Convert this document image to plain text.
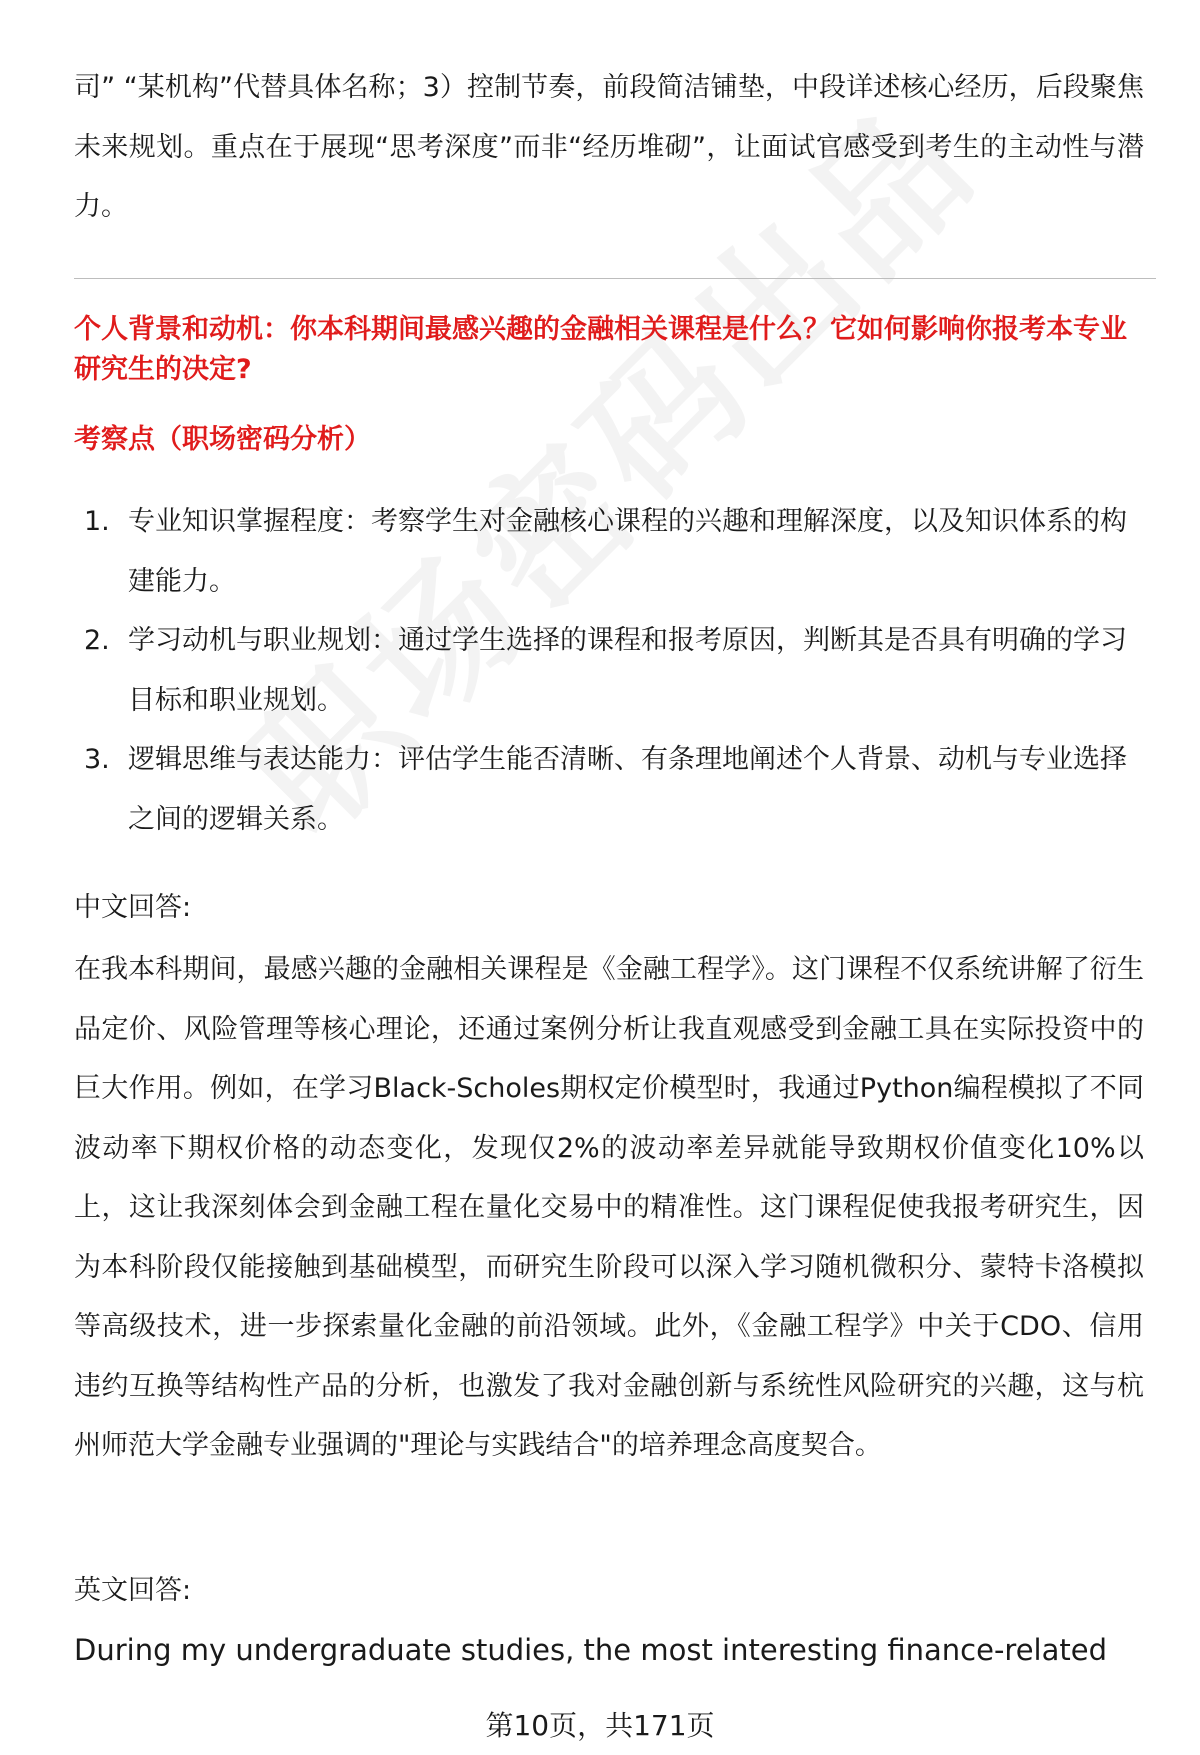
司” “某机构”代替具体名称；3）控制节奏，前段简洁铺垫，中段详述核心经历，后段聚焦未来规划。重点在于展现“思考深度”而非“经历堆砌”，让面试官感受到考生的主动性与潜力。

个人背景和动机：你本科期间最感兴趣的金融相关课程是什么？它如何影响你报考本专业研究生的决定?
考察点（职场密码分析）
1. 专业知识掌握程度：考察学生对金融核心课程的兴趣和理解深度，以及知识体系的构建能力。
2. 学习动机与职业规划：通过学生选择的课程和报考原因，判断其是否具有明确的学习目标和职业规划。
3. 逻辑思维与表达能力：评估学生能否清晰、有条理地阐述个人背景、动机与专业选择之间的逻辑关系。
中文回答:

在我本科期间，最感兴趣的金融相关课程是《金融工程学》。这门课程不仅系统讲解了衍生品定价、风险管理等核心理论，还通过案例分析让我直观感受到金融工具在实际投资中的巨大作用。例如，在学习Black-Scholes期权定价模型时，我通过Python编程模拟了不同波动率下期权价格的动态变化，发现仅2%的波动率差异就能导致期权价值变化10%以上，这让我深刻体会到金融工程在量化交易中的精准性。这门课程促使我报考研究生，因为本科阶段仅能接触到基础模型，而研究生阶段可以深入学习随机微积分、蒙特卡洛模拟等高级技术，进一步探索量化金融的前沿领域。此外，《金融工程学》中关于CDO、信用违约互换等结构性产品的分析，也激发了我对金融创新与系统性风险研究的兴趣，这与杭州师范大学金融专业强调的"理论与实践结合"的培养理念高度契合。

英文回答:
During my undergraduate studies, the most interesting finance-related
第10页，共171页
